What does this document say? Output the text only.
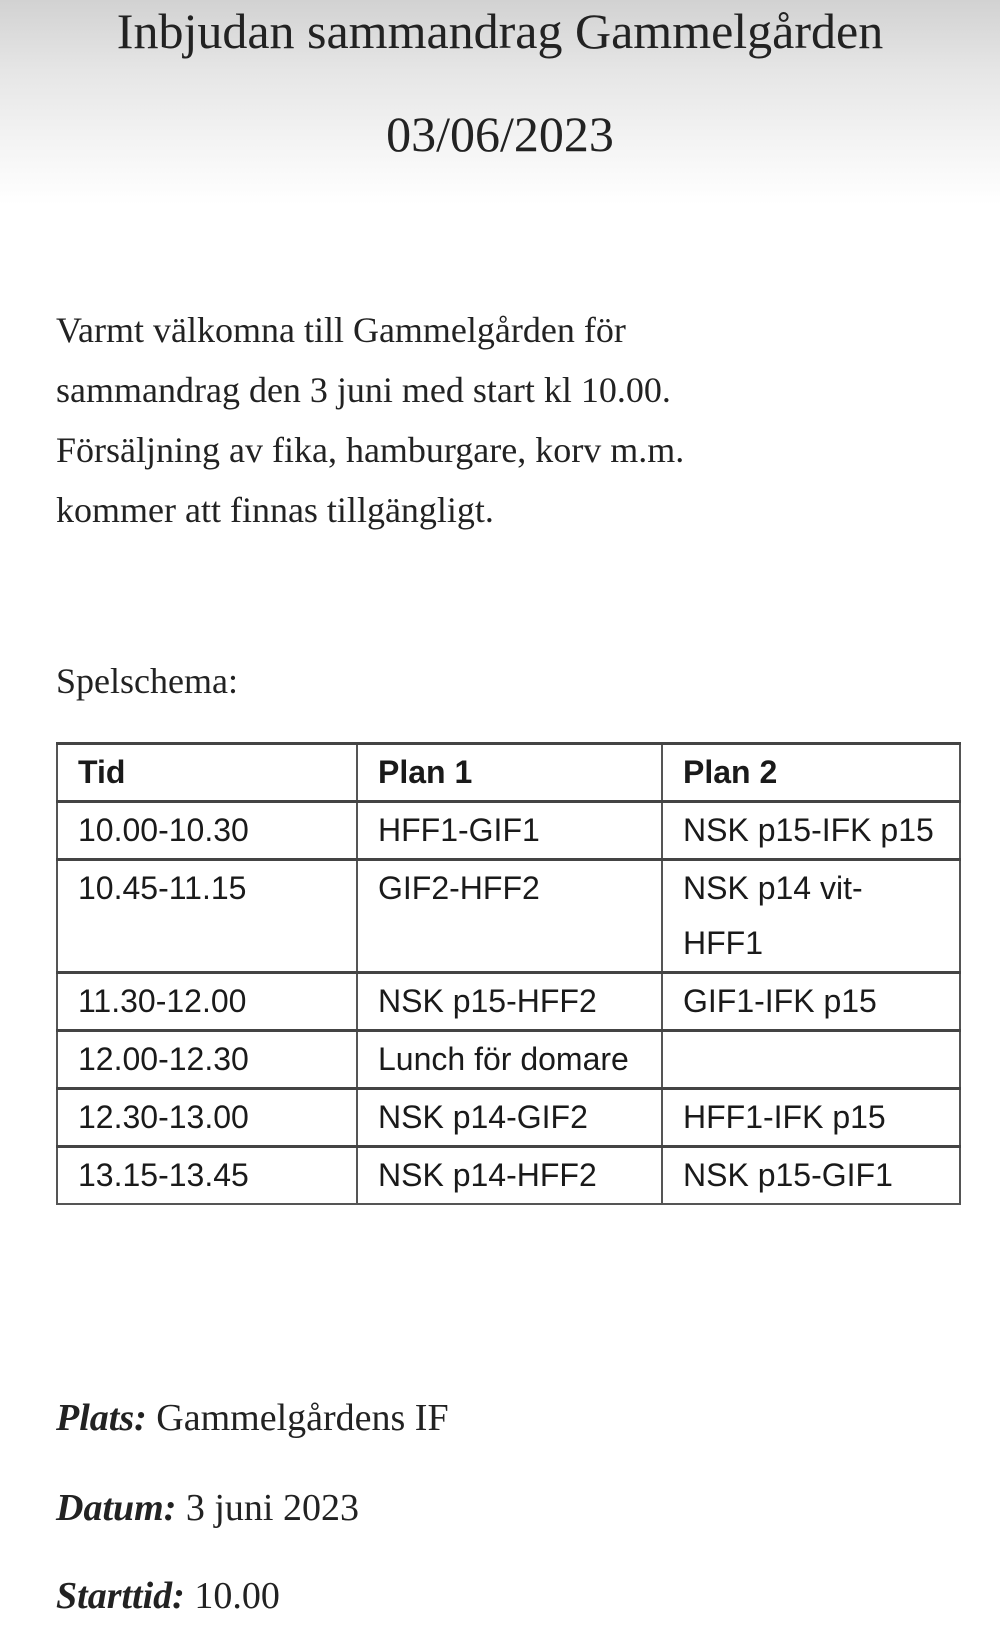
Inbjudan sammandrag Gammelgården
03/06/2023
Varmt välkomna till Gammelgården för
sammandrag den 3 juni med start kl 10.00.
Försäljning av fika, hamburgare, korv m.m.
kommer att finnas tillgängligt.
Spelschema:
Tid	Plan 1	Plan 2
10.00-10.30	HFF1-GIF1	NSK p15-IFK p15
10.45-11.15	GIF2-HFF2	NSK p14 vit-HFF1
11.30-12.00	NSK p15-HFF2	GIF1-IFK p15
12.00-12.30	Lunch för domare	
12.30-13.00	NSK p14-GIF2	HFF1-IFK p15
13.15-13.45	NSK p14-HFF2	NSK p15-GIF1
Plats: Gammelgårdens IF
Datum: 3 juni 2023
Starttid: 10.00
